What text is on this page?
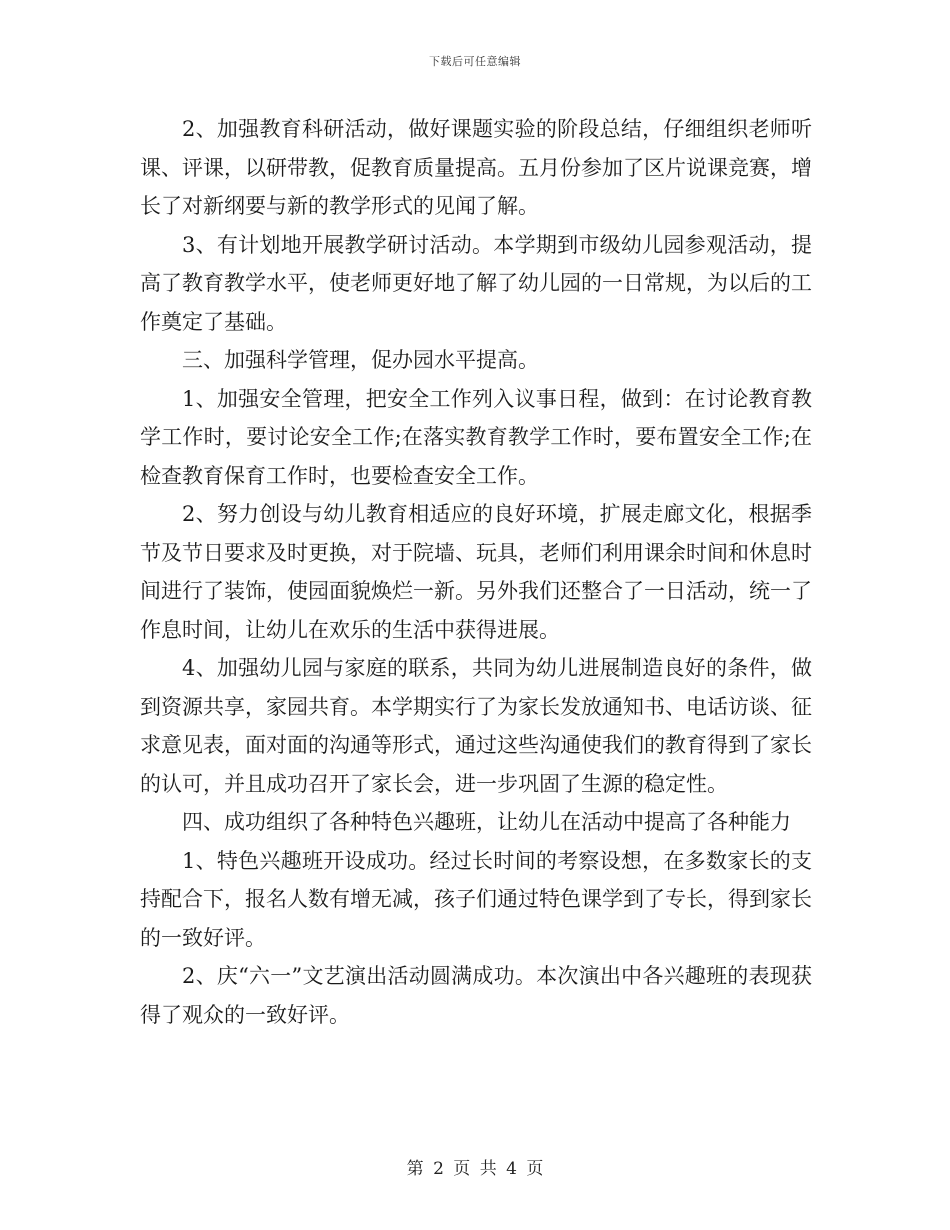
下载后可任意编辑

2、加强教育科研活动，做好课题实验的阶段总结，仔细组织老师听课、评课，以研带教，促教育质量提高。五月份参加了区片说课竞赛，增长了对新纲要与新的教学形式的见闻了解。

3、有计划地开展教学研讨活动。本学期到市级幼儿园参观活动，提高了教育教学水平，使老师更好地了解了幼儿园的一日常规，为以后的工作奠定了基础。

三、加强科学管理，促办园水平提高。

1、加强安全管理，把安全工作列入议事日程，做到：在讨论教育教学工作时，要讨论安全工作;在落实教育教学工作时，要布置安全工作;在检查教育保育工作时，也要检查安全工作。

2、努力创设与幼儿教育相适应的良好环境，扩展走廊文化，根据季节及节日要求及时更换，对于院墙、玩具，老师们利用课余时间和休息时间进行了装饰，使园面貌焕烂一新。另外我们还整合了一日活动，统一了作息时间，让幼儿在欢乐的生活中获得进展。

4、加强幼儿园与家庭的联系，共同为幼儿进展制造良好的条件，做到资源共享，家园共育。本学期实行了为家长发放通知书、电话访谈、征求意见表，面对面的沟通等形式，通过这些沟通使我们的教育得到了家长的认可，并且成功召开了家长会，进一步巩固了生源的稳定性。

四、成功组织了各种特色兴趣班，让幼儿在活动中提高了各种能力

1、特色兴趣班开设成功。经过长时间的考察设想，在多数家长的支持配合下，报名人数有增无减，孩子们通过特色课学到了专长，得到家长的一致好评。

2、庆“六一”文艺演出活动圆满成功。本次演出中各兴趣班的表现获得了观众的一致好评。

第 2 页 共 4 页
